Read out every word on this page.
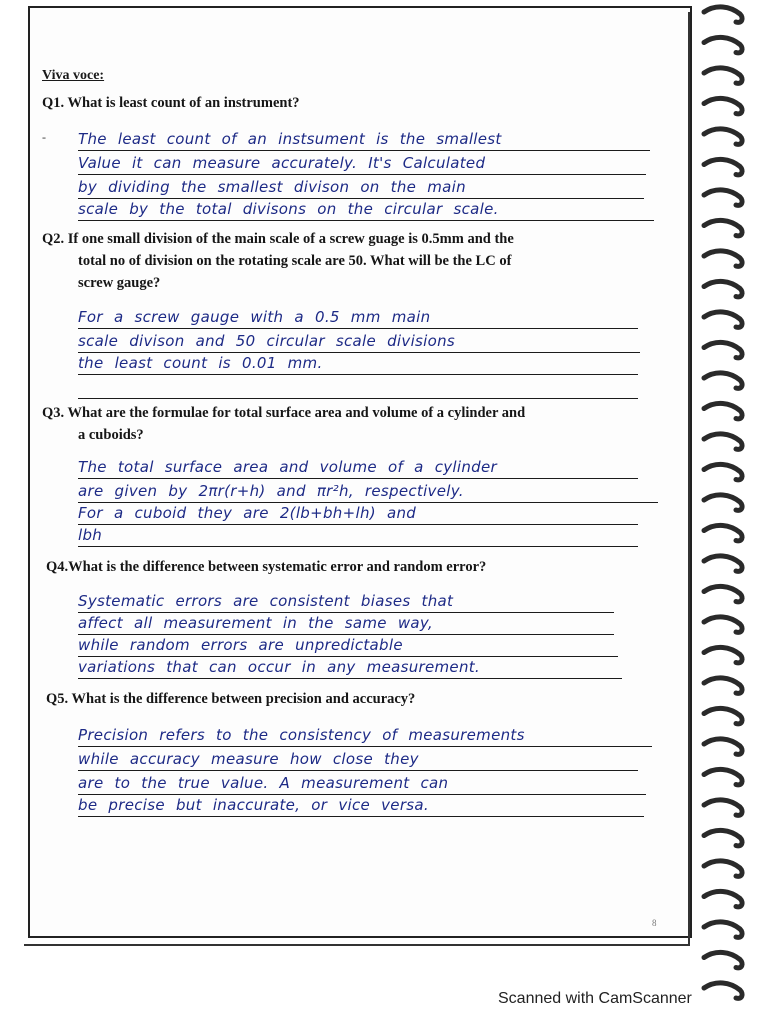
Viva voce:
-
Q1. What is least count of an instrument?
The least count of an instsument is the smallest
Value it can measure accurately. It's Calculated
by dividing the smallest divison on the main
scale by the total divisons on the circular scale.
Q2. If one small division of the main scale of a screw guage is 0.5mm and the
total no of division on the rotating scale are 50. What will be the LC of
screw gauge?
For a screw gauge with a 0.5 mm main
scale divison and 50 circular scale divisions
the least count is 0.01 mm.
Q3. What are the formulae for total surface area and volume of a cylinder and
a cuboids?
The total surface area and volume of a cylinder
are given by 2πr(r+h) and πr²h, respectively.
For a cuboid they are 2(lb+bh+lh) and
lbh
Q4.What is the difference between systematic error and random error?
Systematic errors are consistent biases that
affect all measurement in the same way,
while random errors are unpredictable
variations that can occur in any measurement.
Q5. What is the difference between precision and accuracy?
Precision refers to the consistency of measurements
while accuracy measure how close they
are to the true value. A measurement can
be precise but inaccurate, or vice versa.
8
Scanned with CamScanner
